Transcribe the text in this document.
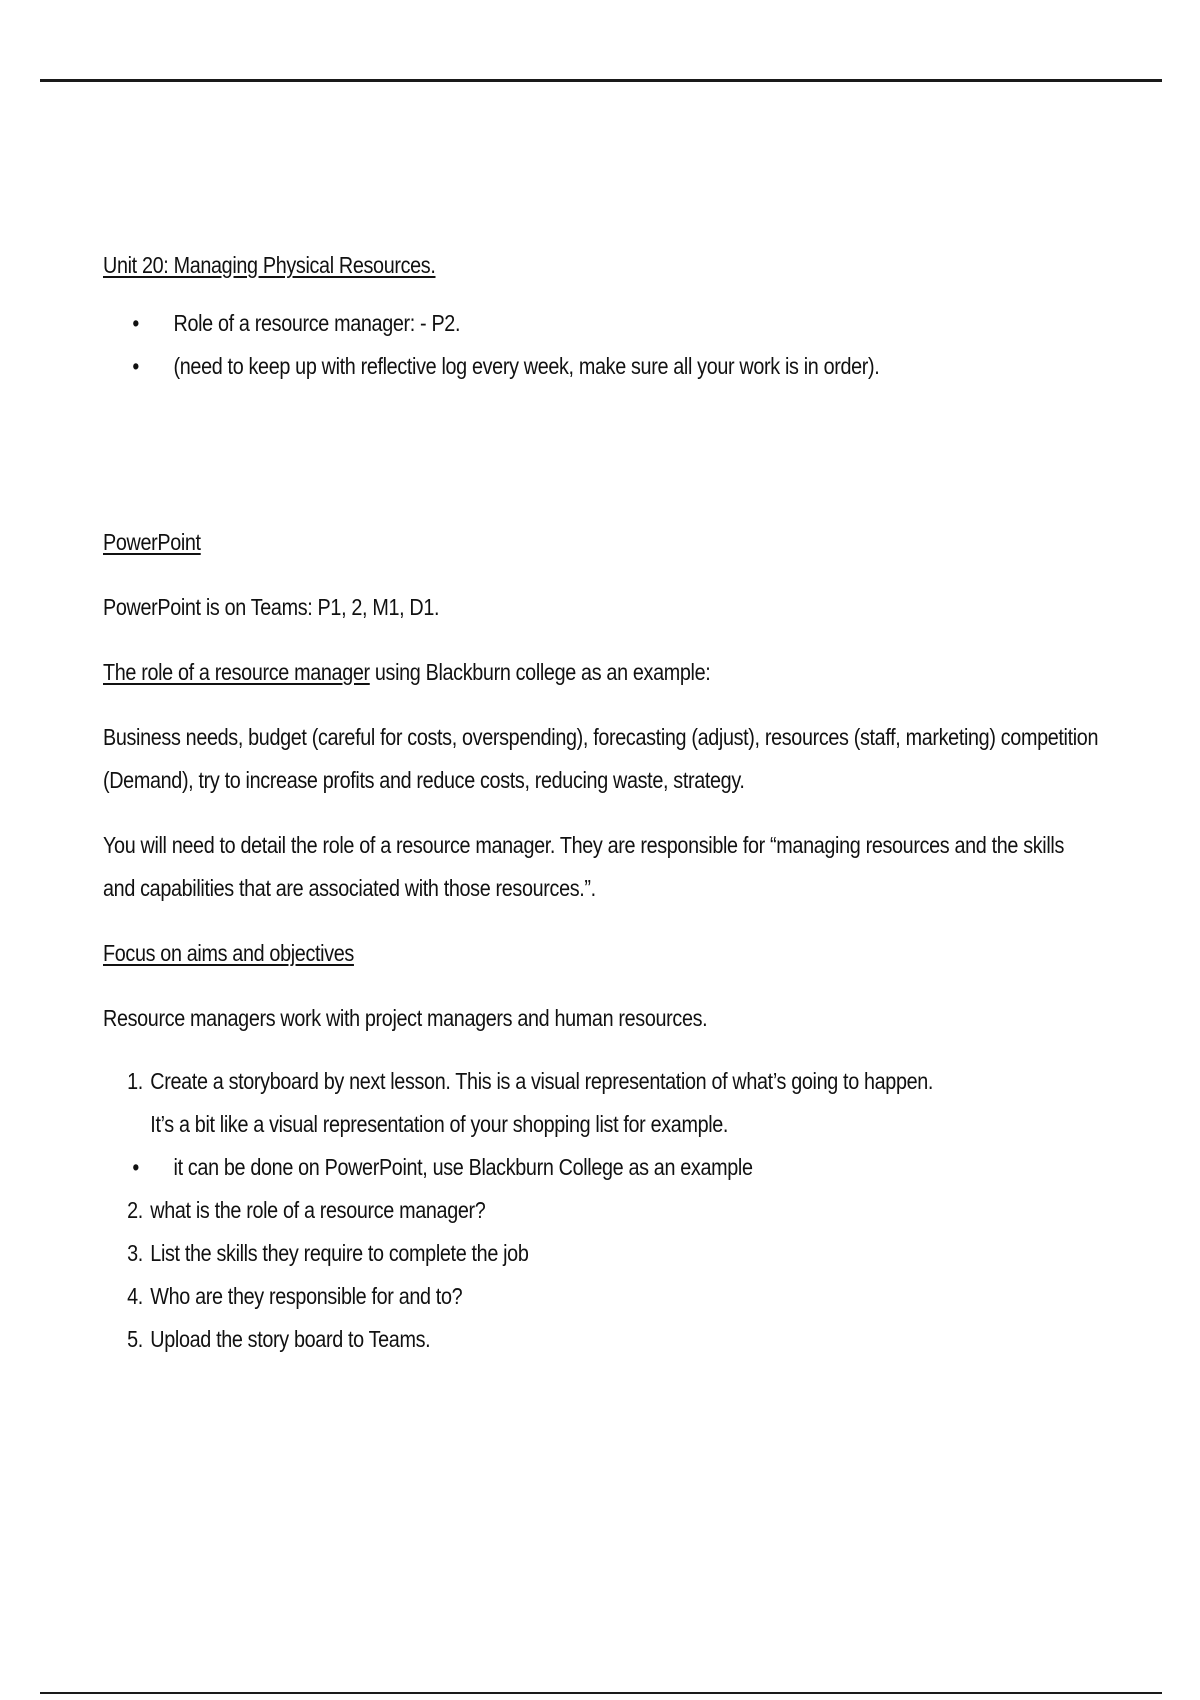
Unit 20: Managing Physical Resources.

• Role of a resource manager: - P2.
• (need to keep up with reflective log every week, make sure all your work is in order).

PowerPoint

PowerPoint is on Teams: P1, 2, M1, D1.

The role of a resource manager using Blackburn college as an example:

Business needs, budget (careful for costs, overspending), forecasting (adjust), resources (staff, marketing) competition (Demand), try to increase profits and reduce costs, reducing waste, strategy.

You will need to detail the role of a resource manager. They are responsible for “managing resources and the skills and capabilities that are associated with those resources.”.

Focus on aims and objectives

Resource managers work with project managers and human resources.

1. Create a storyboard by next lesson. This is a visual representation of what’s going to happen.
It’s a bit like a visual representation of your shopping list for example.
• it can be done on PowerPoint, use Blackburn College as an example
2. what is the role of a resource manager?
3. List the skills they require to complete the job
4. Who are they responsible for and to?
5. Upload the story board to Teams.
